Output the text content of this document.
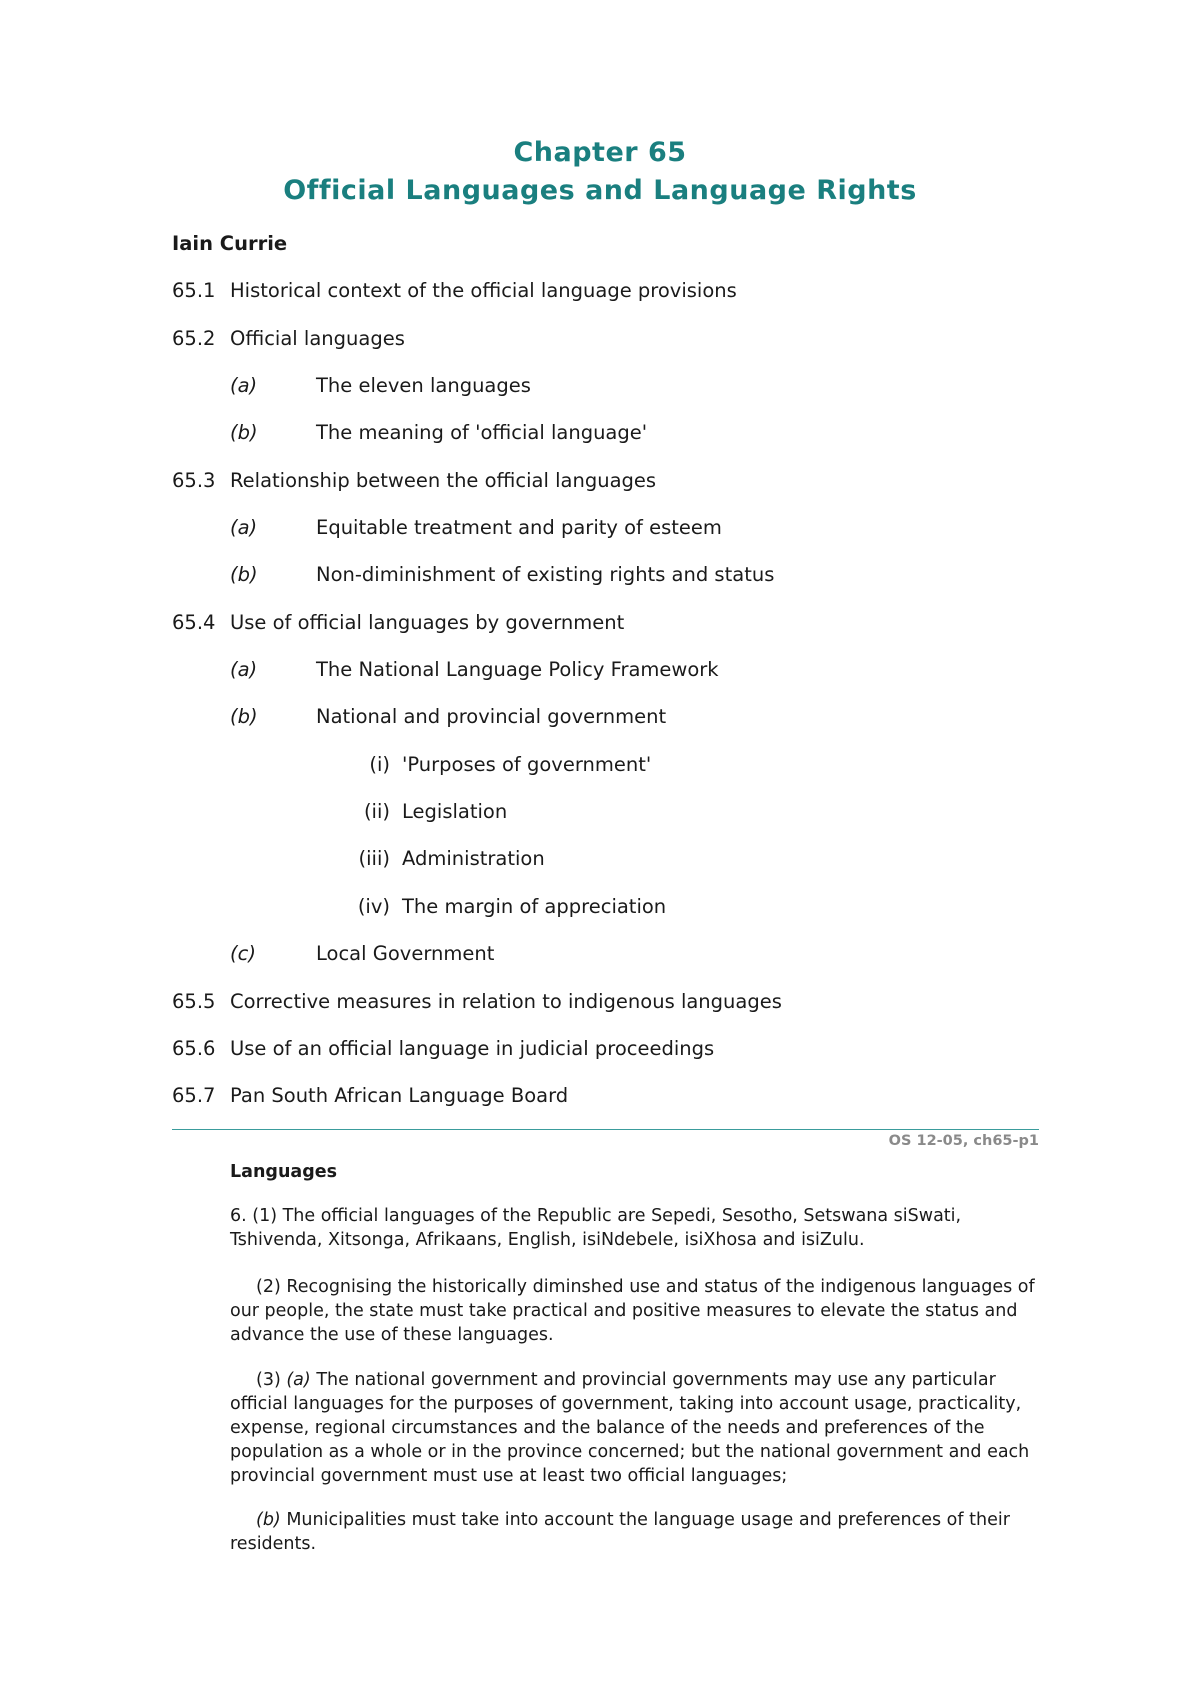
Chapter 65
Official Languages and Language Rights
Iain Currie
65.1 Historical context of the official language provisions
65.2 Official languages
(a)	The eleven languages
(b)	The meaning of 'official language'
65.3 Relationship between the official languages
(a)	Equitable treatment and parity of esteem
(b)	Non-diminishment of existing rights and status
65.4 Use of official languages by government
(a)	The National Language Policy Framework
(b)	National and provincial government
(i) 'Purposes of government'
(ii) Legislation
(iii) Administration
(iv) The margin of appreciation
(c)	Local Government
65.5 Corrective measures in relation to indigenous languages
65.6 Use of an official language in judicial proceedings
65.7 Pan South African Language Board
OS 12-05, ch65-p1
Languages
6. (1) The official languages of the Republic are Sepedi, Sesotho, Setswana siSwati, Tshivenda, Xitsonga, Afrikaans, English, isiNdebele, isiXhosa and isiZulu.
(2) Recognising the historically diminshed use and status of the indigenous languages of our people, the state must take practical and positive measures to elevate the status and advance the use of these languages.
(3) (a) The national government and provincial governments may use any particular official languages for the purposes of government, taking into account usage, practicality, expense, regional circumstances and the balance of the needs and preferences of the population as a whole or in the province concerned; but the national government and each provincial government must use at least two official languages;
(b) Municipalities must take into account the language usage and preferences of their residents.
